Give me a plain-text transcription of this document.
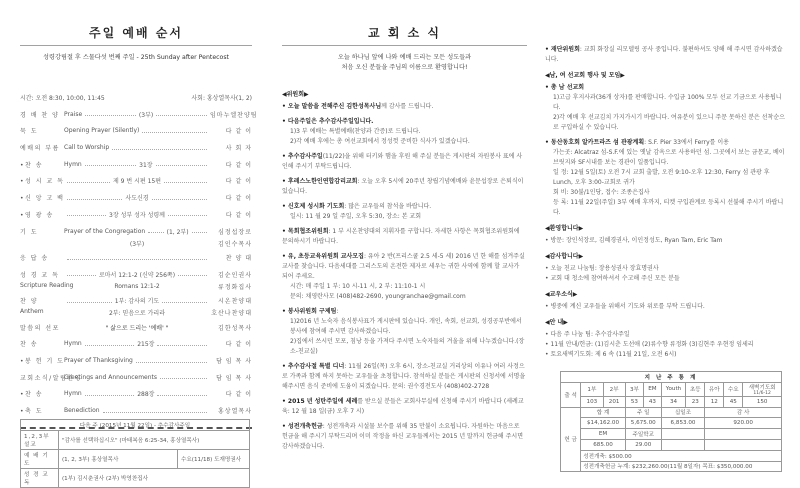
주일 예배 순서
성령강림절 후 스물다섯 번째 주일 - 25th Sunday after Pentecost
시간: 오전 8:30, 10:00, 11:45	사회: 홍상열목사(1, 2)
경 배 찬 양 Praise	(3부)	임마누엘찬양팀
묵 도	Opening Prayer (Silently)	다 같 이
예배의 부름 Call to Worship	사 회 자
•찬 송	Hymn	31장	다 같 이
•성 시 교 독	제 9 번 시편 15편	다 같 이
•신 앙 고 백	사도신경	다 같 이
•영 광 송	3장 성부 성자 성령께	다 같 이
기 도	Prayer of the Congregation	(1, 2부)	심정섭장로
(3부)	김인수목사
응 답 송	찬 양 대
성 경 교 독
Scripture Reading
로마서 12:1-2 (신약 256쪽)	김순인권사
Romans 12:1-2	류정화집사
찬 양
Anthem
1부: 감사의 기도	시온찬양대
2부: 믿음으로 가리라	호산나찬양대
말씀의 선포	" 삶으로 드리는 '예배' "	김한성목사
찬 송	Hymn	215장	다 같 이
•봉 헌 기 도 Prayer of Thanksgiving	담 임 목 사
교회소식/알림환영
Greetings and Announcements	담 임 목 사
•찬 송	Hymn	288장	다 같 이
•축 도	Benediction	홍상열목사
다음 주 (2015년 11월 22일) - 추수감사주일		
1,2,3부설교	"감사를 선택하십시오" (마태복음 6:25-34, 홍상열목사)	
예 배 기 도	(1, 2, 3부) 홍상열목사	수요(11/18) 도재명권사
성 경 교 독	(1부) 김시춘권사 (2부) 박영찬집사	
교 회 소 식
오늘 하나님 앞에 나와 예배 드리는 모든 성도들과
처음 오신 분들을 주님의 이름으로 환영합니다!
◀위원회▶
• 오늘 말씀을 전해주신 김한성목사님께 감사를 드립니다.
• 다음주일은 추수감사주일입니다.
1)3 부 예배는 특별예배(찬양과 간증)로 드립니다.
2)각 예배 후에는 총 여선교회에서 정성껏 준비한 식사가 있겠습니다.
• 추수감사주일(11/22)을 위해 터키와 햄을 후원 해 주실 분들은 게시판의 자원봉사 표에 사인해 주시기 부탁드립니다.
• 후레스노한인연합감리교회: 오늘 오후 5시에 20주년 창립기념예배와 윤문섭장로 은퇴식이 있습니다.
• 신호제 성시화 기도회: 많은 교우들의 참석을 바랍니다.
일시: 11 월 29 일 주일, 오후 5:30, 장소: 본 교회
• 목회협조위원회: 1 부 시온찬양대의 지휘자를 구합니다. 자세한 사항은 목회협조위원회에 문의하시기 바랍니다.
• 유, 초등교육위원회 교사모집: 유아 2 반(프리스쿨 2.5 세-5 세) 2016 년 한 해를 섬겨주실 교사를 찾습니다. 다음세대를 그리스도의 온전한 제자로 세우는 귀한 사역에 함께 할 교사가 되어 주세요.
시간: 매 주일 1 부: 10 시-11 시, 2 부: 11:10-1 시
문의: 채영란사모 (408)482-2690, youngranchae@gmail.com
• 봉사위원회 구제팀:
1)2016 년 노숙자 음식봉사표가 게시판에 있습니다. 개인, 속회, 선교회, 성경공부반에서 봉사에 참여해 주시면 감사하겠습니다.
2)집에서 쓰시던 모포, 침낭 등을 가져다 주시면 노숙자들의 겨울을 위해 나누겠습니다.(장소-친교실)
• 추수감사절 특별 디너: 11월 26일(목) 오후 6시, 장소-친교실 거리상의 이유나 여러 사정으로 가족과 함께 하지 못하는 교우들을 초청합니다. 참석하실 분들은 게시판의 신청서에 서명을 해주시면 음식 준비에 도움이 되겠습니다. 문의: 권수경전도사 (408)402-2728
• 2015 년 성탄주일에 세례를 받으실 분들은 교회사무실에 신청해 주시기 바랍니다 (세례교육: 12 월 18 일(금) 오후 7 시)
• 성전개축헌금: 성전개축과 시설물 보수를 위해 35 만불이 소요됩니다. 자원하는 마음으로 헌금을 해 주시기 부탁드리며 이미 작정을 하신 교우들께서는 2015 년 말까지 헌금해 주시면 감사하겠습니다.
• 재단위원회: 교회 화장실 리모델링 공사 중입니다. 불편하셔도 양해 해 주시면 감사하겠습니다.
◀남, 여 선교회 행사 및 모임▶
• 총 남 선교회
1)고급 후지사과(36개 상자)를 판매합니다. 수입금 100% 모두 선교 기금으로 사용됩니다.
2)각 예배 후 선교김치 가지가시기 바랍니다. 여유분이 있으니 주문 못하신 분은 선착순으로 구입하실 수 있습니다.
• 동산동호회 알카트라즈 섬 관광계획: S.F. Pier 33에서 Ferry를 이용
가는곳: Alcatraz 섬-S.F.에 있는 옛날 감옥으로 사용하던 섬. 그곳에서 보는 금문교, 베이브릿지와 SF시내를 보는 경관이 일품입니다.
일 정: 12월 5일(토) 오전 7시 교회 출발, 오전 9:10-오후 12:30, Ferry 섬 관광 후 Lunch, 오후 3:00-교회로 귀가
회 비: 30불/1인당, 접수: 조종은집사
등 록: 11월 22일(주일) 3부 예배 후까지, 티켓 구입관계로 등록시 선불해 주시기 바랍니다.
◀환영합니다▶
• 방문: 장인석장로, 김혜경권사, 이인정성도, Ryan Tam, Eric Tam
◀감사합니다▶
• 오늘 친교 나눔팀: 장용성권사 장효명권사
• 교회 대 청소에 참여하셔서 수고해 주신 모든 분들
◀교우소식▶
• 병중에 계신 교우들을 위해서 기도와 위로를 부탁 드립니다.
◀안 내▶
• 다음 주 나눔 팀: 추수감사주일
• 11월 안내/헌금: (1)김시춘 도선애 (2)류수향 류정화 (3)김현주 우현정 임세리
• 토요새벽기도회: 제 6 속 (11월 21일, 오전 6시)
지 난 주 통 계									
출 석	1부	2부	3부	EM	Youth	초등	유아	수요	새벽기도회
11/6-12

	103	201	53	43	34	23	12	45	150
헌 금	합 계		주 일		십일조		감 사		
	$14,162.00		5,675.00		6,853.00		920.00		
	EM		주일학교						
	685.00		29.00						
	성전개축: $500.00								
	성전개축헌금 누계: $232,260.00(11월 8일자) 목표: $350,000.00								
